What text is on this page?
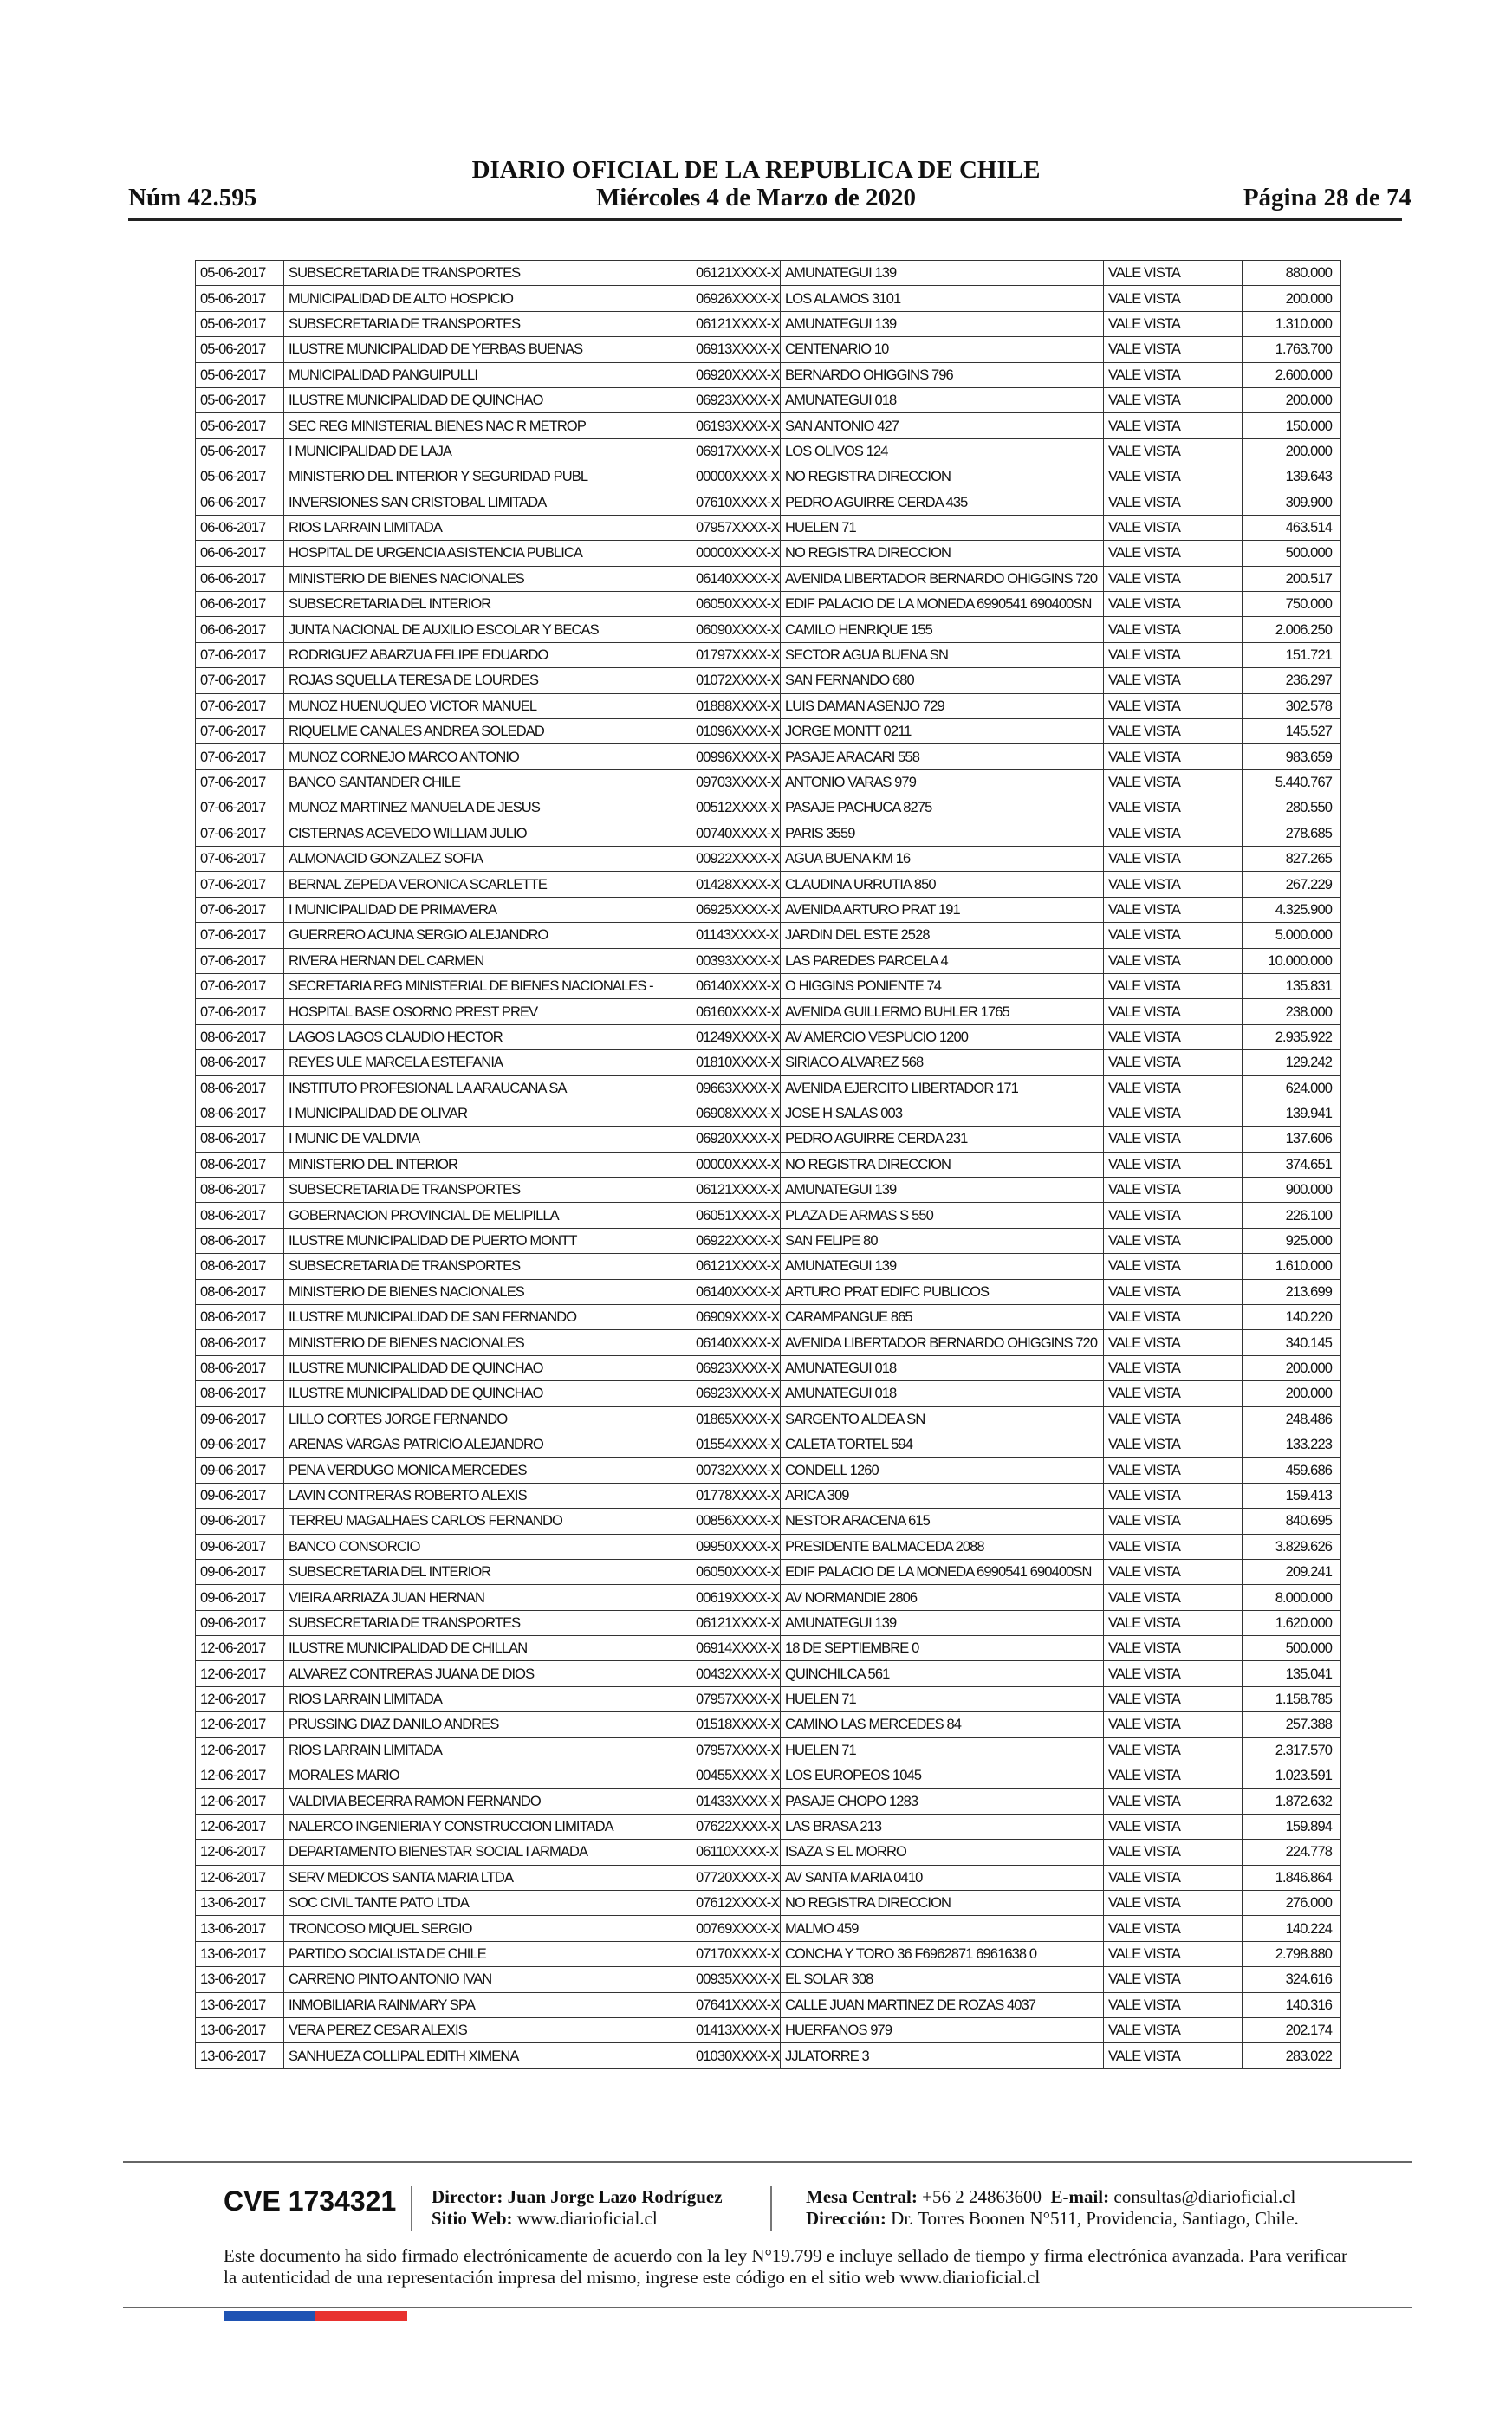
DIARIO OFICIAL DE LA REPUBLICA DE CHILE
Núm 42.595	Miércoles 4 de Marzo de 2020	Página 28 de 74
05-06-2017	SUBSECRETARIA DE TRANSPORTES	06121XXXX-X	AMUNATEGUI 139	VALE VISTA	880.000
05-06-2017	MUNICIPALIDAD DE ALTO HOSPICIO	06926XXXX-X	LOS ALAMOS 3101	VALE VISTA	200.000
05-06-2017	SUBSECRETARIA DE TRANSPORTES	06121XXXX-X	AMUNATEGUI 139	VALE VISTA	1.310.000
05-06-2017	ILUSTRE MUNICIPALIDAD DE YERBAS BUENAS	06913XXXX-X	CENTENARIO 10	VALE VISTA	1.763.700
05-06-2017	MUNICIPALIDAD PANGUIPULLI	06920XXXX-X	BERNARDO OHIGGINS 796	VALE VISTA	2.600.000
05-06-2017	ILUSTRE MUNICIPALIDAD DE QUINCHAO	06923XXXX-X	AMUNATEGUI 018	VALE VISTA	200.000
05-06-2017	SEC REG MINISTERIAL BIENES NAC R METROP	06193XXXX-X	SAN ANTONIO 427	VALE VISTA	150.000
05-06-2017	I MUNICIPALIDAD DE LAJA	06917XXXX-X	LOS OLIVOS 124	VALE VISTA	200.000
05-06-2017	MINISTERIO DEL INTERIOR Y SEGURIDAD PUBL	00000XXXX-X	NO REGISTRA DIRECCION	VALE VISTA	139.643
06-06-2017	INVERSIONES SAN CRISTOBAL LIMITADA	07610XXXX-X	PEDRO AGUIRRE CERDA 435	VALE VISTA	309.900
06-06-2017	RIOS LARRAIN LIMITADA	07957XXXX-X	HUELEN 71	VALE VISTA	463.514
06-06-2017	HOSPITAL DE URGENCIA ASISTENCIA PUBLICA	00000XXXX-X	NO REGISTRA DIRECCION	VALE VISTA	500.000
06-06-2017	MINISTERIO DE BIENES NACIONALES	06140XXXX-X	AVENIDA LIBERTADOR BERNARDO OHIGGINS 720	VALE VISTA	200.517
06-06-2017	SUBSECRETARIA DEL INTERIOR	06050XXXX-X	EDIF PALACIO DE LA MONEDA 6990541 690400SN	VALE VISTA	750.000
06-06-2017	JUNTA NACIONAL DE AUXILIO ESCOLAR Y BECAS	06090XXXX-X	CAMILO HENRIQUE 155	VALE VISTA	2.006.250
07-06-2017	RODRIGUEZ ABARZUA FELIPE EDUARDO	01797XXXX-X	SECTOR AGUA BUENA SN	VALE VISTA	151.721
07-06-2017	ROJAS SQUELLA TERESA DE LOURDES	01072XXXX-X	SAN FERNANDO 680	VALE VISTA	236.297
07-06-2017	MUNOZ HUENUQUEO VICTOR MANUEL	01888XXXX-X	LUIS DAMAN ASENJO 729	VALE VISTA	302.578
07-06-2017	RIQUELME CANALES ANDREA SOLEDAD	01096XXXX-X	JORGE MONTT 0211	VALE VISTA	145.527
07-06-2017	MUNOZ CORNEJO MARCO ANTONIO	00996XXXX-X	PASAJE ARACARI 558	VALE VISTA	983.659
07-06-2017	BANCO SANTANDER CHILE	09703XXXX-X	ANTONIO VARAS 979	VALE VISTA	5.440.767
07-06-2017	MUNOZ MARTINEZ MANUELA DE JESUS	00512XXXX-X	PASAJE PACHUCA 8275	VALE VISTA	280.550
07-06-2017	CISTERNAS ACEVEDO WILLIAM JULIO	00740XXXX-X	PARIS 3559	VALE VISTA	278.685
07-06-2017	ALMONACID GONZALEZ SOFIA	00922XXXX-X	AGUA BUENA KM 16	VALE VISTA	827.265
07-06-2017	BERNAL ZEPEDA VERONICA SCARLETTE	01428XXXX-X	CLAUDINA URRUTIA 850	VALE VISTA	267.229
07-06-2017	I MUNICIPALIDAD DE PRIMAVERA	06925XXXX-X	AVENIDA ARTURO PRAT 191	VALE VISTA	4.325.900
07-06-2017	GUERRERO ACUNA SERGIO ALEJANDRO	01143XXXX-X	JARDIN DEL ESTE 2528	VALE VISTA	5.000.000
07-06-2017	RIVERA HERNAN DEL CARMEN	00393XXXX-X	LAS PAREDES PARCELA 4	VALE VISTA	10.000.000
07-06-2017	SECRETARIA REG MINISTERIAL DE BIENES NACIONALES -	06140XXXX-X	O HIGGINS PONIENTE 74	VALE VISTA	135.831
07-06-2017	HOSPITAL BASE OSORNO PREST PREV	06160XXXX-X	AVENIDA GUILLERMO BUHLER 1765	VALE VISTA	238.000
08-06-2017	LAGOS LAGOS CLAUDIO HECTOR	01249XXXX-X	AV AMERCIO VESPUCIO 1200	VALE VISTA	2.935.922
08-06-2017	REYES ULE MARCELA ESTEFANIA	01810XXXX-X	SIRIACO ALVAREZ 568	VALE VISTA	129.242
08-06-2017	INSTITUTO PROFESIONAL LA ARAUCANA SA	09663XXXX-X	AVENIDA EJERCITO LIBERTADOR 171	VALE VISTA	624.000
08-06-2017	I MUNICIPALIDAD DE OLIVAR	06908XXXX-X	JOSE H SALAS 003	VALE VISTA	139.941
08-06-2017	I MUNIC DE VALDIVIA	06920XXXX-X	PEDRO AGUIRRE CERDA 231	VALE VISTA	137.606
08-06-2017	MINISTERIO DEL INTERIOR	00000XXXX-X	NO REGISTRA DIRECCION	VALE VISTA	374.651
08-06-2017	SUBSECRETARIA DE TRANSPORTES	06121XXXX-X	AMUNATEGUI 139	VALE VISTA	900.000
08-06-2017	GOBERNACION PROVINCIAL DE MELIPILLA	06051XXXX-X	PLAZA DE ARMAS S 550	VALE VISTA	226.100
08-06-2017	ILUSTRE MUNICIPALIDAD DE PUERTO MONTT	06922XXXX-X	SAN FELIPE 80	VALE VISTA	925.000
08-06-2017	SUBSECRETARIA DE TRANSPORTES	06121XXXX-X	AMUNATEGUI 139	VALE VISTA	1.610.000
08-06-2017	MINISTERIO DE BIENES NACIONALES	06140XXXX-X	ARTURO PRAT EDIFC PUBLICOS	VALE VISTA	213.699
08-06-2017	ILUSTRE MUNICIPALIDAD DE SAN FERNANDO	06909XXXX-X	CARAMPANGUE 865	VALE VISTA	140.220
08-06-2017	MINISTERIO DE BIENES NACIONALES	06140XXXX-X	AVENIDA LIBERTADOR BERNARDO OHIGGINS 720	VALE VISTA	340.145
08-06-2017	ILUSTRE MUNICIPALIDAD DE QUINCHAO	06923XXXX-X	AMUNATEGUI 018	VALE VISTA	200.000
08-06-2017	ILUSTRE MUNICIPALIDAD DE QUINCHAO	06923XXXX-X	AMUNATEGUI 018	VALE VISTA	200.000
09-06-2017	LILLO CORTES JORGE FERNANDO	01865XXXX-X	SARGENTO ALDEA SN	VALE VISTA	248.486
09-06-2017	ARENAS VARGAS PATRICIO ALEJANDRO	01554XXXX-X	CALETA TORTEL 594	VALE VISTA	133.223
09-06-2017	PENA VERDUGO MONICA MERCEDES	00732XXXX-X	CONDELL 1260	VALE VISTA	459.686
09-06-2017	LAVIN CONTRERAS ROBERTO ALEXIS	01778XXXX-X	ARICA 309	VALE VISTA	159.413
09-06-2017	TERREU MAGALHAES CARLOS FERNANDO	00856XXXX-X	NESTOR ARACENA 615	VALE VISTA	840.695
09-06-2017	BANCO CONSORCIO	09950XXXX-X	PRESIDENTE BALMACEDA 2088	VALE VISTA	3.829.626
09-06-2017	SUBSECRETARIA DEL INTERIOR	06050XXXX-X	EDIF PALACIO DE LA MONEDA 6990541 690400SN	VALE VISTA	209.241
09-06-2017	VIEIRA ARRIAZA JUAN HERNAN	00619XXXX-X	AV NORMANDIE 2806	VALE VISTA	8.000.000
09-06-2017	SUBSECRETARIA DE TRANSPORTES	06121XXXX-X	AMUNATEGUI 139	VALE VISTA	1.620.000
12-06-2017	ILUSTRE MUNICIPALIDAD DE CHILLAN	06914XXXX-X	18 DE SEPTIEMBRE 0	VALE VISTA	500.000
12-06-2017	ALVAREZ CONTRERAS JUANA DE DIOS	00432XXXX-X	QUINCHILCA 561	VALE VISTA	135.041
12-06-2017	RIOS LARRAIN LIMITADA	07957XXXX-X	HUELEN 71	VALE VISTA	1.158.785
12-06-2017	PRUSSING DIAZ DANILO ANDRES	01518XXXX-X	CAMINO LAS MERCEDES 84	VALE VISTA	257.388
12-06-2017	RIOS LARRAIN LIMITADA	07957XXXX-X	HUELEN 71	VALE VISTA	2.317.570
12-06-2017	MORALES MARIO	00455XXXX-X	LOS EUROPEOS 1045	VALE VISTA	1.023.591
12-06-2017	VALDIVIA BECERRA RAMON FERNANDO	01433XXXX-X	PASAJE CHOPO 1283	VALE VISTA	1.872.632
12-06-2017	NALERCO INGENIERIA Y CONSTRUCCION LIMITADA	07622XXXX-X	LAS BRASA 213	VALE VISTA	159.894
12-06-2017	DEPARTAMENTO BIENESTAR SOCIAL I ARMADA	06110XXXX-X	ISAZA S EL MORRO	VALE VISTA	224.778
12-06-2017	SERV MEDICOS SANTA MARIA LTDA	07720XXXX-X	AV SANTA MARIA 0410	VALE VISTA	1.846.864
13-06-2017	SOC CIVIL TANTE PATO LTDA	07612XXXX-X	NO REGISTRA DIRECCION	VALE VISTA	276.000
13-06-2017	TRONCOSO MIQUEL SERGIO	00769XXXX-X	MALMO 459	VALE VISTA	140.224
13-06-2017	PARTIDO SOCIALISTA DE CHILE	07170XXXX-X	CONCHA Y TORO 36 F6962871 6961638 0	VALE VISTA	2.798.880
13-06-2017	CARRENO PINTO ANTONIO IVAN	00935XXXX-X	EL SOLAR 308	VALE VISTA	324.616
13-06-2017	INMOBILIARIA RAINMARY SPA	07641XXXX-X	CALLE JUAN MARTINEZ DE ROZAS 4037	VALE VISTA	140.316
13-06-2017	VERA PEREZ CESAR ALEXIS	01413XXXX-X	HUERFANOS 979	VALE VISTA	202.174
13-06-2017	SANHUEZA COLLIPAL EDITH XIMENA	01030XXXX-X	JJLATORRE 3	VALE VISTA	283.022
CVE 1734321 Director: Juan Jorge Lazo Rodríguez
Sitio Web: www.diarioficial.cl
Mesa Central: +56 2 24863600 E-mail: consultas@diarioficial.cl
Dirección: Dr. Torres Boonen N°511, Providencia, Santiago, Chile.
Este documento ha sido firmado electrónicamente de acuerdo con la ley N°19.799 e incluye sellado de tiempo y firma electrónica avanzada. Para verificar la autenticidad de una representación impresa del mismo, ingrese este código en el sitio web www.diarioficial.cl
